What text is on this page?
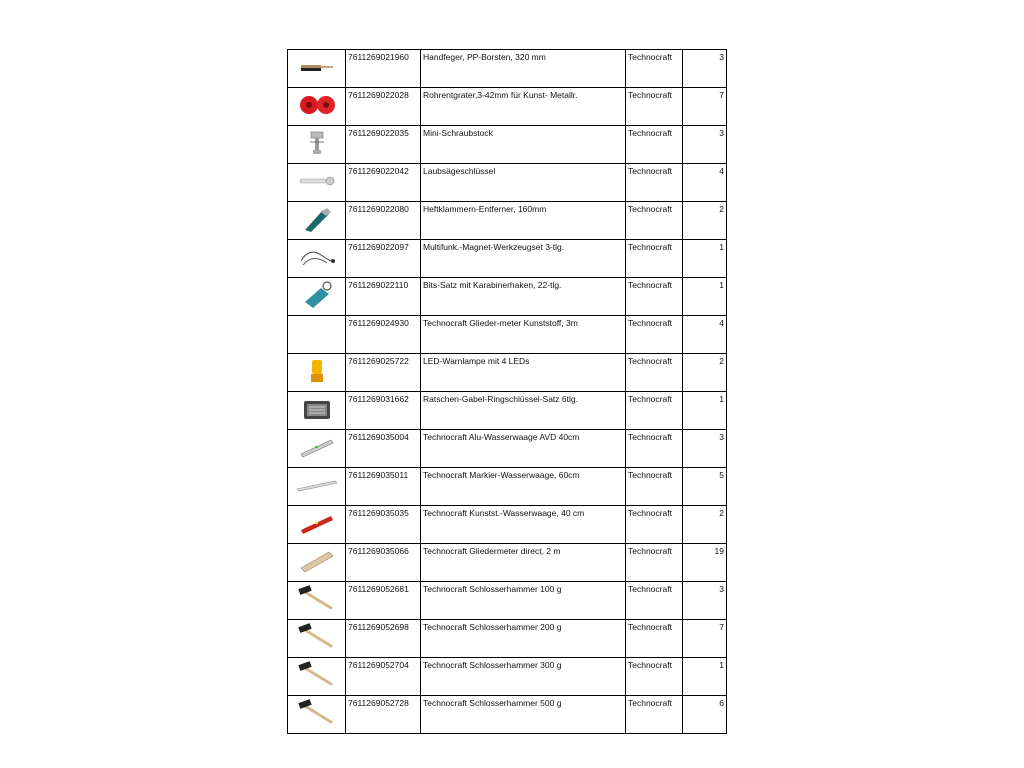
	7611269021960	Handfeger, PP-Borsten, 320 mm	Technocraft	3

	7611269022028	Rohrentgrater,3-42mm für Kunst- Metallr.	Technocraft	7

	7611269022035	Mini-Schraubstock	Technocraft	3

	7611269022042	Laubsägeschlüssel	Technocraft	4

	7611269022080	Heftklammern-Entferner, 160mm	Technocraft	2

	7611269022097	Multifunk.-Magnet-Werkzeugset 3-tlg.	Technocraft	1

	7611269022110	Bits-Satz mit Karabinerhaken, 22-tlg.	Technocraft	1
	7611269024930	Technocraft Glieder-meter Kunststoff, 3m	Technocraft	4

	7611269025722	LED-Warnlampe mit 4 LEDs	Technocraft	2

	7611269031662	Ratschen-Gabel-Ringschlüssel-Satz 6tlg.	Technocraft	1

	7611269035004	Technocraft Alu-Wasserwaage AVD 40cm	Technocraft	3

	7611269035011	Technocraft Markier-Wasserwaage, 60cm	Technocraft	5

	7611269035035	Technocraft Kunstst.-Wasserwaage, 40 cm	Technocraft	2

	7611269035066	Technocraft Gliedermeter direct, 2 m	Technocraft	19

	7611269052681	Technocraft Schlosserhammer 100 g	Technocraft	3

	7611269052698	Technocraft Schlosserhammer 200 g	Technocraft	7

	7611269052704	Technocraft Schlosserhammer 300 g	Technocraft	1

	7611269052728	Technocraft Schlosserhammer 500 g	Technocraft	6
